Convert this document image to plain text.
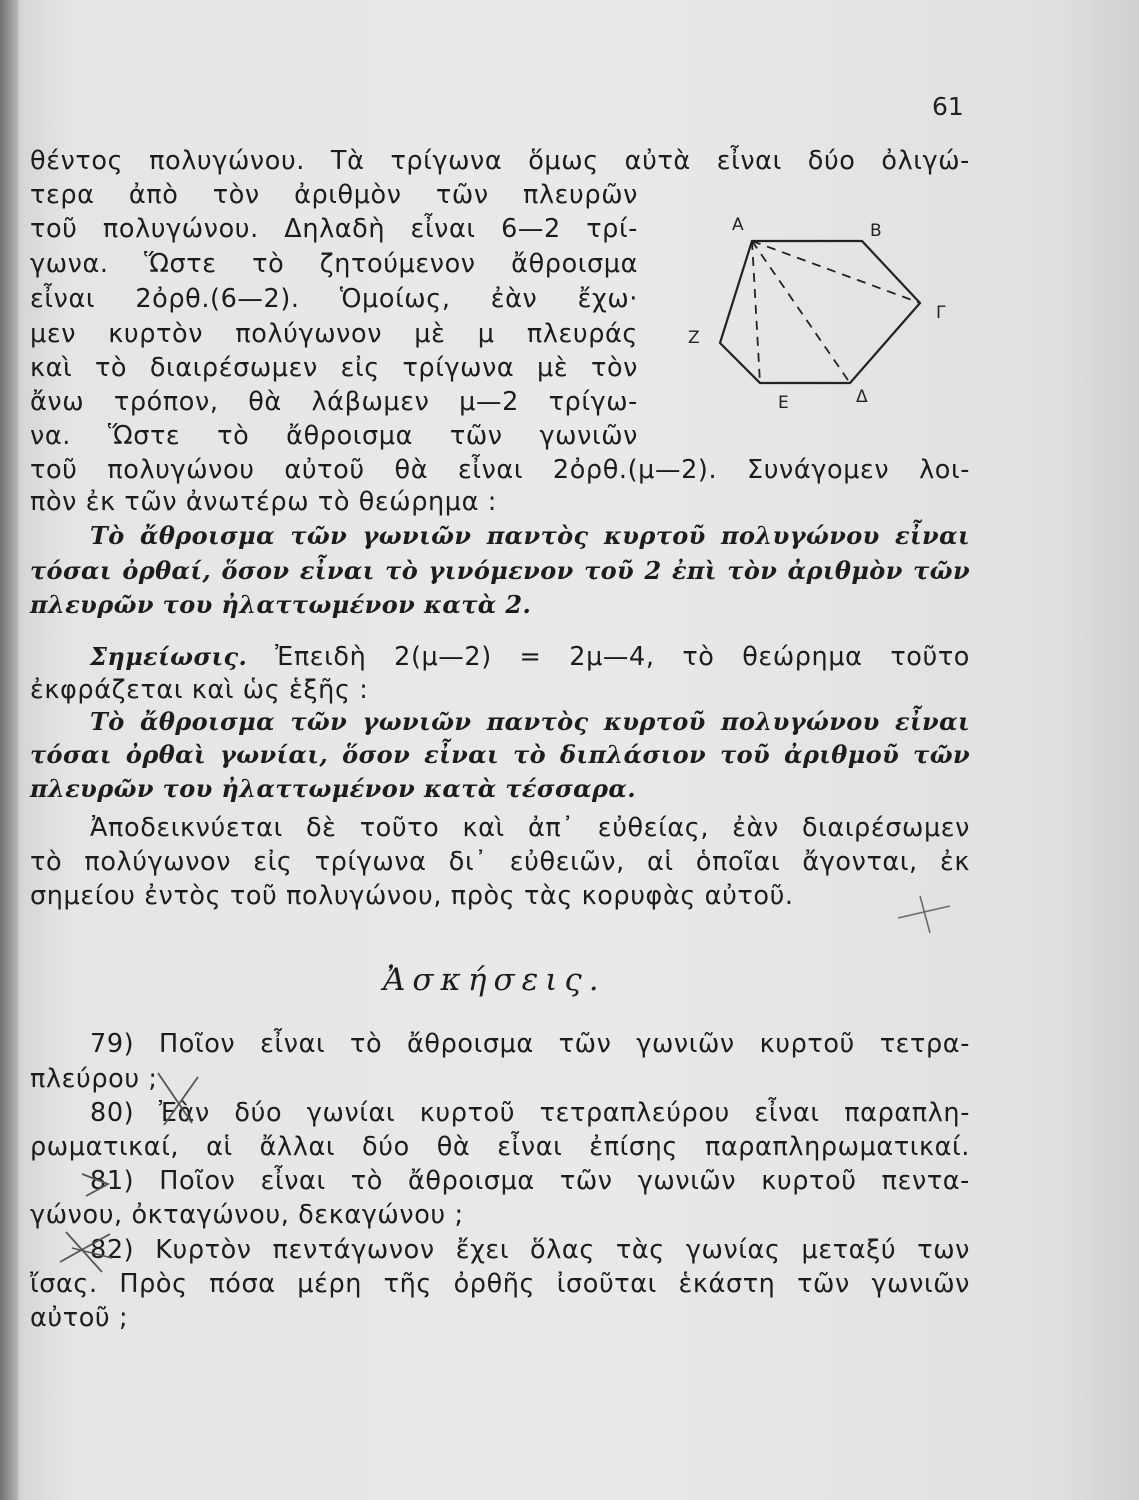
61
θέντος πολυγώνου. Τὰ τρίγωνα ὅμως αὐτὰ εἶναι δύο ὀλιγώ-
τερα ἀπὸ τὸν ἀριθμὸν τῶν πλευρῶν
τοῦ πολυγώνου. Δηλαδὴ εἶναι 6—2 τρί-
γωνα. Ὥστε τὸ ζητούμενον ἄθροισμα
εἶναι 2ὀρθ.(6—2). Ὁμοίως, ἐὰν ἔχω·
μεν κυρτὸν πολύγωνον μὲ μ πλευράς
καὶ τὸ διαιρέσωμεν εἰς τρίγωνα μὲ τὸν
ἄνω τρόπον, θὰ λάβωμεν μ—2 τρίγω-
να. Ὥστε τὸ ἄθροισμα τῶν γωνιῶν
τοῦ πολυγώνου αὐτοῦ θὰ εἶναι 2ὀρθ.(μ—2). Συνάγομεν λοι-
πὸν ἐκ τῶν ἀνωτέρω τὸ θεώρημα :
A	B
Γ
Δ
E
Z
Τὸ ἄθροισμα τῶν γωνιῶν παντὸς κυρτοῦ πολυγώνου εἶναι
τόσαι ὀρθαί, ὅσον εἶναι τὸ γινόμενον τοῦ 2 ἐπὶ τὸν ἀριθμὸν τῶν
πλευρῶν του ἠλαττωμένον κατὰ 2.
Σημείωσις. Ἐπειδὴ 2(μ—2) = 2μ—4, τὸ θεώρημα τοῦτο
ἐκφράζεται καὶ ὡς ἑξῆς :
Τὸ ἄθροισμα τῶν γωνιῶν παντὸς κυρτοῦ πολυγώνου εἶναι
τόσαι ὀρθαὶ γωνίαι, ὅσον εἶναι τὸ διπλάσιον τοῦ ἀριθμοῦ τῶν
πλευρῶν του ἠλαττωμένον κατὰ τέσσαρα.
Ἀποδεικνύεται δὲ τοῦτο καὶ ἀπ᾽ εὐθείας, ἐὰν διαιρέσωμεν
τὸ πολύγωνον εἰς τρίγωνα δι᾽ εὐθειῶν, αἱ ὁποῖαι ἄγονται, ἐκ
σημείου ἐντὸς τοῦ πολυγώνου, πρὸς τὰς κορυφὰς αὐτοῦ.
Ἀσκήσεις.
79) Ποῖον εἶναι τὸ ἄθροισμα τῶν γωνιῶν κυρτοῦ τετρα-
πλεύρου ;
80) Ἐὰν δύο γωνίαι κυρτοῦ τετραπλεύρου εἶναι παραπλη-
ρωματικαί, αἱ ἄλλαι δύο θὰ εἶναι ἐπίσης παραπληρωματικαί.
81) Ποῖον εἶναι τὸ ἄθροισμα τῶν γωνιῶν κυρτοῦ πεντα-
γώνου, ὀκταγώνου, δεκαγώνου ;
82) Κυρτὸν πεντάγωνον ἔχει ὅλας τὰς γωνίας μεταξύ των
ἴσας. Πρὸς πόσα μέρη τῆς ὀρθῆς ἰσοῦται ἑκάστη τῶν γωνιῶν
αὐτοῦ ;
